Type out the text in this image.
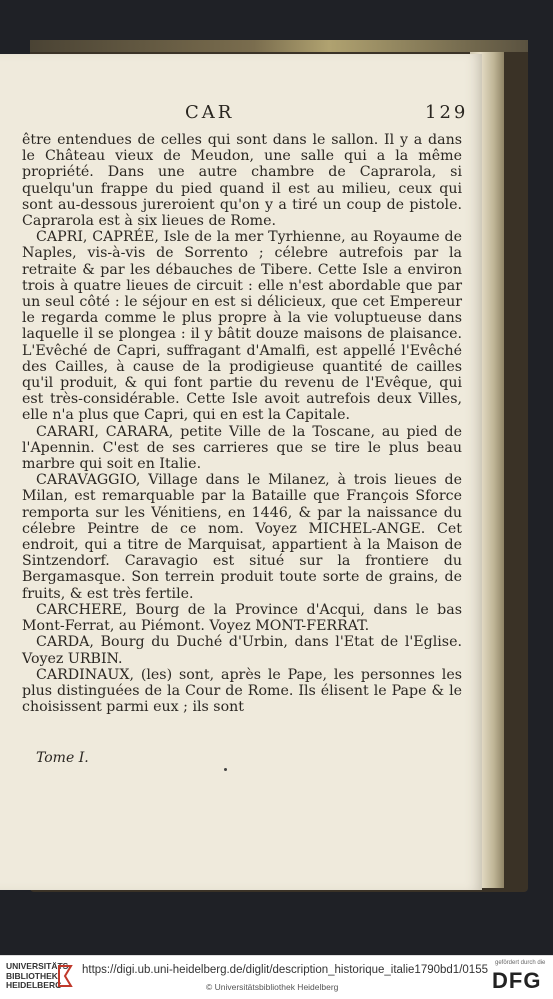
CAR	129

être entendues de celles qui sont dans le sallon. Il y a dans le Château vieux de Meudon, une salle qui a la même propriété. Dans une autre chambre de Caprarola, si quelqu'un frappe du pied quand il est au milieu, ceux qui sont au-dessous jureroient qu'on y a tiré un coup de pistole. Caprarola est à six lieues de Rome.

CAPRI, CAPRÉE, Isle de la mer Tyrhienne, au Royaume de Naples, vis-à-vis de Sorrento ; célebre autrefois par la retraite & par les débauches de Tibere. Cette Isle a environ trois à quatre lieues de circuit : elle n'est abordable que par un seul côté : le séjour en est si délicieux, que cet Empereur le regarda comme le plus propre à la vie voluptueuse dans laquelle il se plongea : il y bâtit douze maisons de plaisance. L'Evêché de Capri, suffragant d'Amalfi, est appellé l'Evêché des Cailles, à cause de la prodigieuse quantité de cailles qu'il produit, & qui font partie du revenu de l'Evêque, qui est très-considérable. Cette Isle avoit autrefois deux Villes, elle n'a plus que Capri, qui en est la Capitale.

CARARI, CARARA, petite Ville de la Toscane, au pied de l'Apennin. C'est de ses carrieres que se tire le plus beau marbre qui soit en Italie.

CARAVAGGIO, Village dans le Milanez, à trois lieues de Milan, est remarquable par la Bataille que François Sforce remporta sur les Vénitiens, en 1446, & par la naissance du célebre Peintre de ce nom. Voyez MICHEL-ANGE. Cet endroit, qui a titre de Marquisat, appartient à la Maison de Sintzendorf. Caravagio est situé sur la frontiere du Bergamasque. Son terrein produit toute sorte de grains, de fruits, & est très fertile.

CARCHERE, Bourg de la Province d'Acqui, dans le bas Mont-Ferrat, au Piémont. Voyez MONT-FERRAT.

CARDA, Bourg du Duché d'Urbin, dans l'Etat de l'Eglise. Voyez URBIN.

CARDINAUX, (les) sont, après le Pape, les personnes les plus distinguées de la Cour de Rome. Ils élisent le Pape & le choisissent parmi eux ; ils sont

Tome I.
UNIVERSITÄTS-
BIBLIOTHEK
HEIDELBERG
https://digi.ub.uni-heidelberg.de/diglit/description_historique_italie1790bd1/0155
© Universitätsbibliothek Heidelberg
gefördert durch die
DFG
